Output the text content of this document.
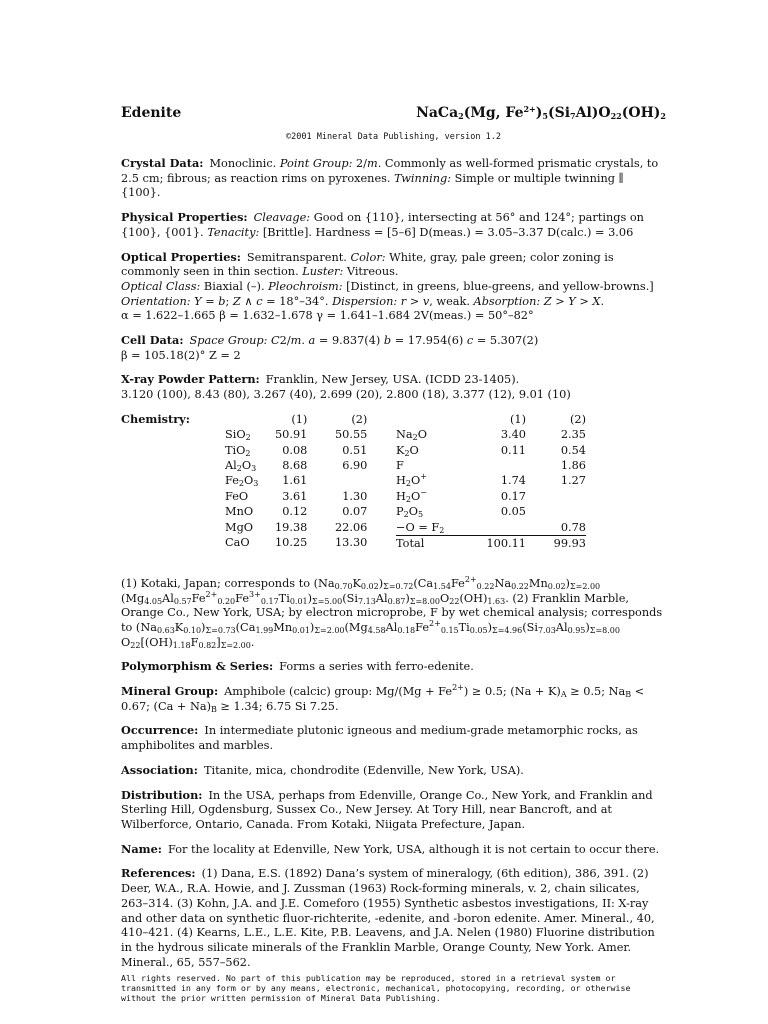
Edenite	NaCa$_2$(Mg, $Fe^{2+})_5(Si_7Al)O_{22}(OH)_2$
©2001 Mineral Data Publishing, version 1.2
Crystal Data: Monoclinic. Point Group: 2/m. Commonly as well-formed prismatic crystals, to 2.5 cm; fibrous; as reaction rims on pyroxenes. Twinning: Simple or multiple twinning ∥ {100}.
Physical Properties: Cleavage: Good on {110}, intersecting at 56° and 124°; partings on {100}, {001}. Tenacity: [Brittle]. Hardness = [5–6] D(meas.) = 3.05–3.37 D(calc.) = 3.06
Optical Properties: Semitransparent. Color: White, gray, pale green; color zoning is commonly seen in thin section. Luster: Vitreous.
Optical Class: Biaxial (–). Pleochroism: [Distinct, in greens, blue-greens, and yellow-browns.]
Orientation: Y = b; Z ∧ c = 18°–34°. Dispersion: r > v, weak. Absorption: Z > Y > X.
α = 1.622–1.665 β = 1.632–1.678 γ = 1.641–1.684 2V(meas.) = 50°–82°
Cell Data: Space Group: C2/m. a = 9.837(4) b = 17.954(6) c = 5.307(2)
β = 105.18(2)° Z = 2
X-ray Powder Pattern: Franklin, New Jersey, USA. (ICDD 23-1405).
3.120 (100), 8.43 (80), 3.267 (40), 2.699 (20), 2.800 (18), 3.377 (12), 9.01 (10)
Chemistry:
		(1)	(2)
SiO$_2$	50.91	50.55
TiO$_2$	0.08	0.51
$Al_2O_3$	8.68	6.90
$Fe_2O_3$	1.61	
FeO	3.61	1.30
MnO	0.12	0.07
MgO	19.38	22.06
CaO	10.25	13.30
	(1)	(2)
$Na_2O$	3.40	2.35
$K_2O$	0.11	0.54
F		1.86
$H_2O^+$	1.74	1.27
$H_2O^-$	0.17	
$P_2O_5$	0.05	
$-O = F_2$		0.78
Total	100.11	99.93
(1) Kotaki, Japan; corresponds to $(Na_{0.70}K_{0.02})_{\Sigma=0.72}(Ca_{1.54}Fe^{2+}_{0.22}Na_{0.22}Mn_{0.02})_{\Sigma=2.00}$ $(Mg_{4.05}Al_{0.57}Fe^{2+}_{0.20}Fe^{3+}_{0.17}Ti_{0.01})_{\Sigma=5.00}(Si_{7.13}Al_{0.87})_{\Sigma=8.00}O_{22}(OH)_{1.63}$. (2) Franklin Marble, Orange Co., New York, USA; by electron microprobe, F by wet chemical analysis; corresponds to $(Na_{0.63}K_{0.10})_{\Sigma=0.73}(Ca_{1.99}Mn_{0.01})_{\Sigma=2.00}(Mg_{4.58}Al_{0.18}Fe^{2+}_{0.15}Ti_{0.05})_{\Sigma=4.96}(Si_{7.03}Al_{0.95})_{\Sigma=8.00}$ $O_{22}[(OH)_{1.18}F_{0.82}]_{\Sigma=2.00}$.
Polymorphism & Series: Forms a series with ferro-edenite.
Mineral Group: Amphibole (calcic) group: $Mg/(Mg + Fe^{2+}) \ge 0.5$; $(Na + K)_A \ge 0.5$; $Na_B < 0.67$; $(Ca + Na)_B \ge 1.34$; 6.75 Si 7.25.
Occurrence: In intermediate plutonic igneous and medium-grade metamorphic rocks, as amphibolites and marbles.
Association: Titanite, mica, chondrodite (Edenville, New York, USA).
Distribution: In the USA, perhaps from Edenville, Orange Co., New York, and Franklin and Sterling Hill, Ogdensburg, Sussex Co., New Jersey. At Tory Hill, near Bancroft, and at Wilberforce, Ontario, Canada. From Kotaki, Niigata Prefecture, Japan.
Name: For the locality at Edenville, New York, USA, although it is not certain to occur there.
References: (1) Dana, E.S. (1892) Dana’s system of mineralogy, (6th edition), 386, 391. (2) Deer, W.A., R.A. Howie, and J. Zussman (1963) Rock-forming minerals, v. 2, chain silicates, 263–314. (3) Kohn, J.A. and J.E. Comeforo (1955) Synthetic asbestos investigations, II: X-ray and other data on synthetic fluor-richterite, -edenite, and -boron edenite. Amer. Mineral., 40, 410–421. (4) Kearns, L.E., L.E. Kite, P.B. Leavens, and J.A. Nelen (1980) Fluorine distribution in the hydrous silicate minerals of the Franklin Marble, Orange County, New York. Amer. Mineral., 65, 557–562.
All rights reserved. No part of this publication may be reproduced, stored in a retrieval system or transmitted in any form or by any means, electronic, mechanical, photocopying, recording, or otherwise without the prior written permission of Mineral Data Publishing.
